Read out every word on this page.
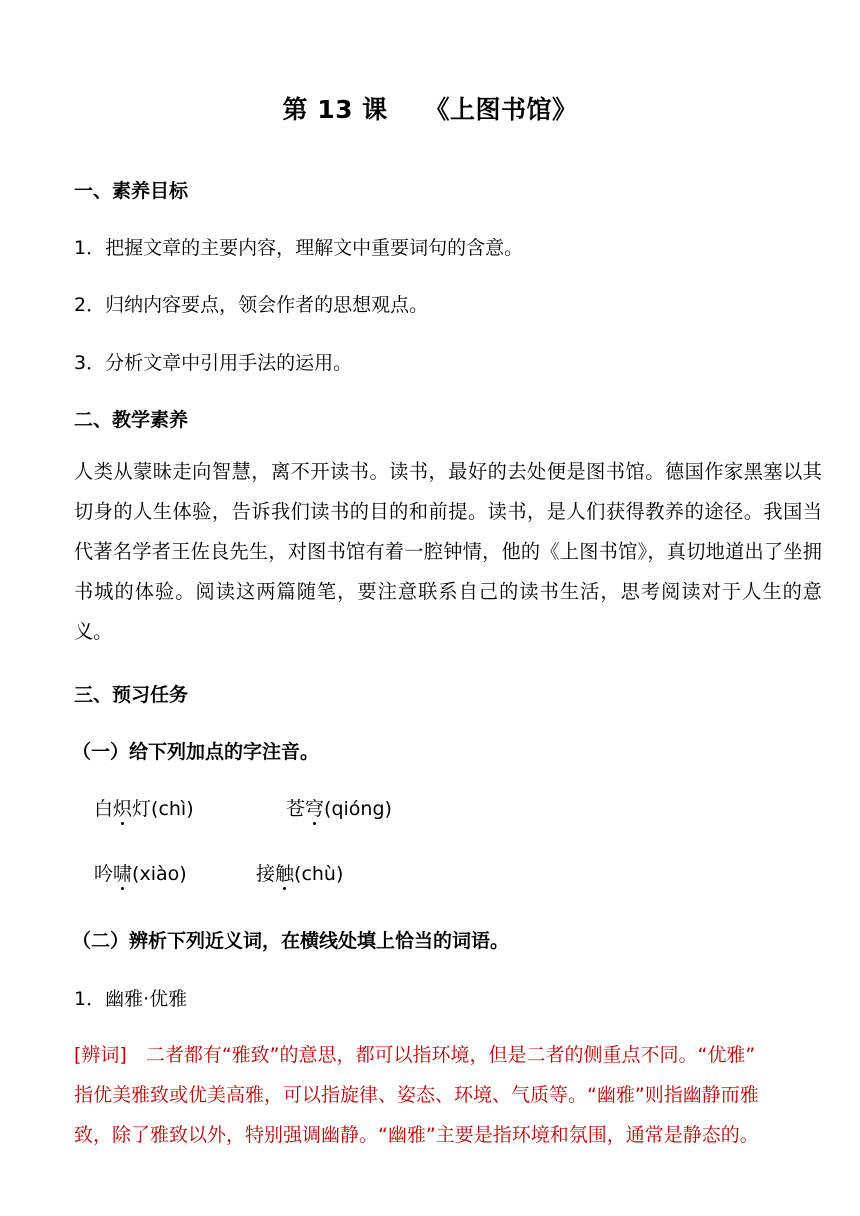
第 13 课    《上图书馆》
一、素养目标
1．把握文章的主要内容，理解文中重要词句的含意。
2．归纳内容要点，领会作者的思想观点。
3．分析文章中引用手法的运用。
二、教学素养
人类从蒙昧走向智慧，离不开读书。读书，最好的去处便是图书馆。德国作家黑塞以其切身的人生体验，告诉我们读书的目的和前提。读书，是人们获得教养的途径。我国当代著名学者王佐良先生，对图书馆有着一腔钟情，他的《上图书馆》，真切地道出了坐拥书城的体验。阅读这两篇随笔，要注意联系自己的读书生活，思考阅读对于人生的意义。
三、预习任务
（一）给下列加点的字注音。
白炽灯(chì)	苍穹(qióng)
吟啸(xiào)	接触(chù)
（二）辨析下列近义词，在横线处填上恰当的词语。
1．幽雅·优雅
[辨词]　二者都有“雅致”的意思，都可以指环境，但是二者的侧重点不同。“优雅”
指优美雅致或优美高雅，可以指旋律、姿态、环境、气质等。“幽雅”则指幽静而雅
致，除了雅致以外，特别强调幽静。“幽雅”主要是指环境和氛围，通常是静态的。
